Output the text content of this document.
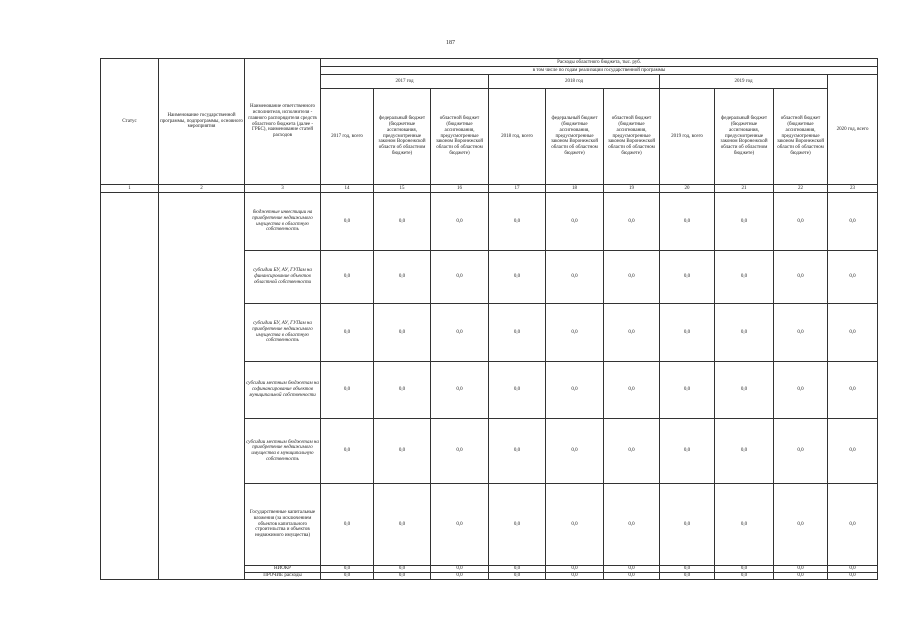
187
Статус	Наименование государственной программы, подпрограммы, основного мероприятия	Наименование ответственного исполнителя, исполнителя - главного распорядителя средств областного бюджета (далее - ГРБС), наименование статей расходов	Расходы областного бюджета, тыс. руб.									
			в том числе по годам реализации государственной программы									
			2017 год			2018 год			2019 год			2020 год, всего
			2017 год, всего	федеральный бюджет (бюджетные ассигнования, предусмотренные законом Воронежской области об областном бюджете)	областной бюджет (бюджетные ассигнования, предусмотренные законом Воронежской области об областном бюджете)	2018 год, всего	федеральный бюджет (бюджетные ассигнования, предусмотренные законом Воронежской области об областном бюджете)	областной бюджет (бюджетные ассигнования, предусмотренные законом Воронежской области об областном бюджете)	2019 год, всего	федеральный бюджет (бюджетные ассигнования, предусмотренные законом Воронежской области об областном бюджете)	областной бюджет (бюджетные ассигнования, предусмотренные законом Воронежской области об областном бюджете)	
1	2	3	14	15	16	17	18	19	20	21	22	23
		бюджетные инвестиции на приобретение недвижимого имущества в областную собственность	0,0	0,0	0,0	0,0	0,0	0,0	0,0	0,0	0,0	0,0
		субсидии БУ, АУ, ГУПам на финансирование объектов областной собственности	0,0	0,0	0,0	0,0	0,0	0,0	0,0	0,0	0,0	0,0
		субсидии БУ, АУ, ГУПам на приобретение недвижимого имущества в областную собственность	0,0	0,0	0,0	0,0	0,0	0,0	0,0	0,0	0,0	0,0
		субсидии местным бюджетам на софинансирование объектов муниципальной собственности	0,0	0,0	0,0	0,0	0,0	0,0	0,0	0,0	0,0	0,0
		субсидии местным бюджетам на приобретение недвижимого имущества в муниципальную собственность	0,0	0,0	0,0	0,0	0,0	0,0	0,0	0,0	0,0	0,0
		Государственные капитальные вложения (за исключением объектов капитального строительства и объектов недвижимого имущества)	0,0	0,0	0,0	0,0	0,0	0,0	0,0	0,0	0,0	0,0
		НИОКР	0,0	0,0	0,0	0,0	0,0	0,0	0,0	0,0	0,0	0,0
		ПРОЧИЕ расходы	0,0	0,0	0,0	0,0	0,0	0,0	0,0	0,0	0,0	0,0
